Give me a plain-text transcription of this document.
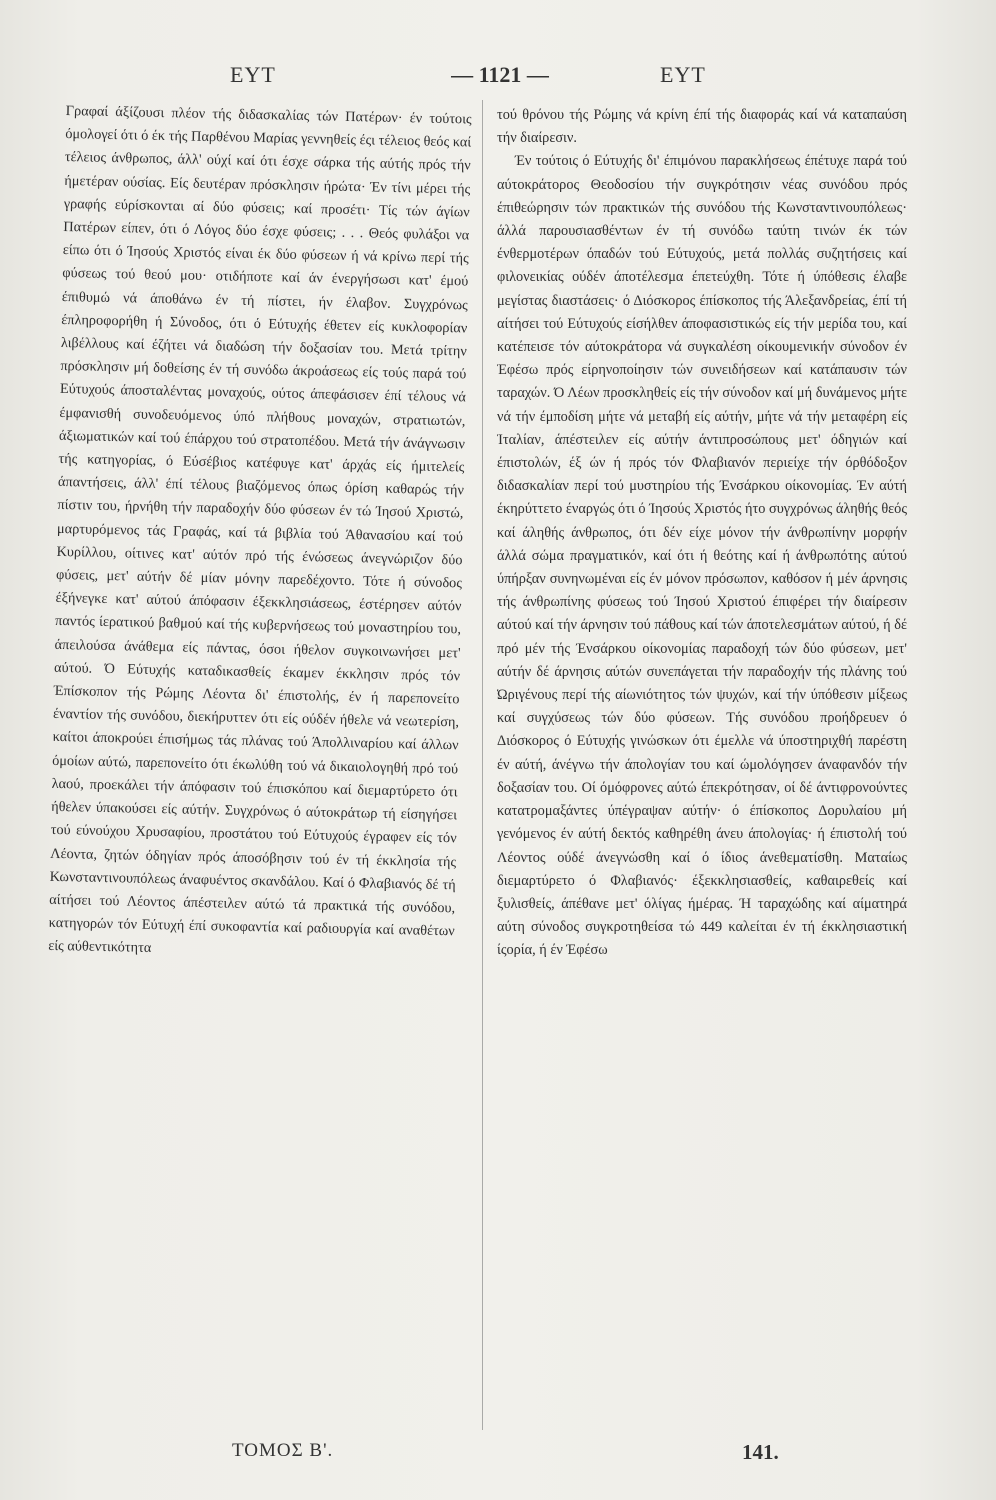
ΕΥΤ	— 1121 —	ΕΥΤ

Γραφαί άξίζουσι πλέον τής διδασκαλίας τών Πατέρων· έν τούτοις όμολογεί ότι ό έκ τής Παρθένου Μαρίας γεννηθείς έςι τέλειος θεός καί τέλειος άνθρωπος, άλλ' ούχί καί ότι έσχε σάρκα τής αύτής πρός τήν ήμετέραν ούσίας. Είς δευτέραν πρόσκλησιν ήρώτα· Έν τίνι μέρει τής γραφής εύρίσκονται αί δύο φύσεις; καί προσέτι· Τίς τών άγίων Πατέρων είπεν, ότι ό Λόγος δύο έσχε φύσεις; . . . Θεός φυλάξοι να είπω ότι ό Ίησούς Χριστός είναι έκ δύο φύσεων ή νά κρίνω περί τής φύσεως τού θεού μου· οτιδήποτε καί άν ένεργήσωσι κατ' έμού έπιθυμώ νά άποθάνω έν τή πίστει, ήν έλαβον. Συγχρόνως έπληροφορήθη ή Σύνοδος, ότι ό Εύτυχής έθετεν είς κυκλοφορίαν λιβέλλους καί έζήτει νά διαδώση τήν δοξασίαν του. Μετά τρίτην πρόσκλησιν μή δοθείσης έν τή συνόδω άκροάσεως είς τούς παρά τού Εύτυχούς άποσταλέντας μοναχούς, ούτος άπεφάσισεν έπί τέλους νά έμφανισθή συνοδευόμενος ύπό πλήθους μοναχών, στρατιωτών, άξιωματικών καί τού έπάρχου τού στρατοπέδου. Μετά τήν άνάγνωσιν τής κατηγορίας, ό Εύσέβιος κατέφυγε κατ' άρχάς είς ήμιτελείς άπαντήσεις, άλλ' έπί τέλους βιαζόμενος όπως όρίση καθαρώς τήν πίστιν του, ήρνήθη τήν παραδοχήν δύο φύσεων έν τώ Ίησού Χριστώ, μαρτυρόμενος τάς Γραφάς, καί τά βιβλία τού Άθανασίου καί τού Κυρίλλου, οίτινες κατ' αύτόν πρό τής ένώσεως άνεγνώριζον δύο φύσεις, μετ' αύτήν δέ μίαν μόνην παρεδέχοντο. Τότε ή σύνοδος έξήνεγκε κατ' αύτού άπόφασιν έξεκκλησιάσεως, έστέρησεν αύτόν παντός ίερατικού βαθμού καί τής κυβερνήσεως τού μοναστηρίου του, άπειλούσα άνάθεμα είς πάντας, όσοι ήθελον συγκοινωνήσει μετ' αύτού. Ό Εύτυχής καταδικασθείς έκαμεν έκκλησιν πρός τόν Έπίσκοπον τής Ρώμης Λέοντα δι' έπιστολής, έν ή παρεπονείτο έναντίον τής συνόδου, διεκήρυττεν ότι είς ούδέν ήθελε νά νεωτερίση, καίτοι άποκρούει έπισήμως τάς πλάνας τού Άπολλιναρίου καί άλλων όμοίων αύτώ, παρεπονείτο ότι έκωλύθη τού νά δικαιολογηθή πρό τού λαού, προεκάλει τήν άπόφασιν τού έπισκόπου καί διεμαρτύρετο ότι ήθελεν ύπακούσει είς αύτήν. Συγχρόνως ό αύτοκράτωρ τή είσηγήσει τού εύνούχου Χρυσαφίου, προστάτου τού Εύτυχούς έγραφεν είς τόν Λέοντα, ζητών όδηγίαν πρός άποσόβησιν τού έν τή έκκλησία τής Κωνσταντινουπόλεως άναφυέντος σκανδάλου. Καί ό Φλαβιανός δέ τή αίτήσει τού Λέοντος άπέστειλεν αύτώ τά πρακτικά τής συνόδου, κατηγορών τόν Εύτυχή έπί συκοφαντία καί ραδιουργία καί αναθέτων είς αύθεντικότητα

τού θρόνου τής Ρώμης νά κρίνη έπί τής διαφοράς καί νά καταπαύση τήν διαίρεσιν.

Έν τούτοις ό Εύτυχής δι' έπιμόνου παρακλήσεως έπέτυχε παρά τού αύτοκράτορος Θεοδοσίου τήν συγκρότησιν νέας συνόδου πρός έπιθεώρησιν τών πρακτικών τής συνόδου τής Κωνσταντινουπόλεως· άλλά παρουσιασθέντων έν τή συνόδω ταύτη τινών έκ τών ένθερμοτέρων όπαδών τού Εύτυχούς, μετά πολλάς συζητήσεις καί φιλονεικίας ούδέν άποτέλεσμα έπετεύχθη. Τότε ή ύπόθεσις έλαβε μεγίστας διαστάσεις· ό Διόσκορος έπίσκοπος τής Άλεξανδρείας, έπί τή αίτήσει τού Εύτυχούς είσήλθεν άποφασιστικώς είς τήν μερίδα του, καί κατέπεισε τόν αύτοκράτορα νά συγκαλέση οίκουμενικήν σύνοδον έν Έφέσω πρός είρηνοποίησιν τών συνειδήσεων καί κατάπαυσιν τών ταραχών. Ό Λέων προσκληθείς είς τήν σύνοδον καί μή δυνάμενος μήτε νά τήν έμποδίση μήτε νά μεταβή είς αύτήν, μήτε νά τήν μεταφέρη είς Ίταλίαν, άπέστειλεν είς αύτήν άντιπροσώπους μετ' όδηγιών καί έπιστολών, έξ ών ή πρός τόν Φλαβιανόν περιείχε τήν όρθόδοξον διδασκαλίαν περί τού μυστηρίου τής Ένσάρκου οίκονομίας. Έν αύτή έκηρύττετο έναργώς ότι ό Ίησούς Χριστός ήτο συγχρόνως άληθής θεός καί άληθής άνθρωπος, ότι δέν είχε μόνον τήν άνθρωπίνην μορφήν άλλά σώμα πραγματικόν, καί ότι ή θεότης καί ή άνθρωπότης αύτού ύπήρξαν συνηνωμέναι είς έν μόνον πρόσωπον, καθόσον ή μέν άρνησις τής άνθρωπίνης φύσεως τού Ίησού Χριστού έπιφέρει τήν διαίρεσιν αύτού καί τήν άρνησιν τού πάθους καί τών άποτελεσμάτων αύτού, ή δέ πρό μέν τής Ένσάρκου οίκονομίας παραδοχή τών δύο φύσεων, μετ' αύτήν δέ άρνησις αύτών συνεπάγεται τήν παραδοχήν τής πλάνης τού Ώριγένους περί τής αίωνιότητος τών ψυχών, καί τήν ύπόθεσιν μίξεως καί συγχύσεως τών δύο φύσεων. Τής συνόδου προήδρευεν ό Διόσκορος ό Εύτυχής γινώσκων ότι έμελλε νά ύποστηριχθή παρέστη έν αύτή, άνέγνω τήν άπολογίαν του καί ώμολόγησεν άναφανδόν τήν δοξασίαν του. Οί όμόφρονες αύτώ έπεκρότησαν, οί δέ άντιφρονούντες κατατρομαξάντες ύπέγραψαν αύτήν· ό έπίσκοπος Δορυλαίου μή γενόμενος έν αύτή δεκτός καθηρέθη άνευ άπολογίας· ή έπιστολή τού Λέοντος ούδέ άνεγνώσθη καί ό ίδιος άνεθεματίσθη. Ματαίως διεμαρτύρετο ό Φλαβιανός· έξεκκλησιασθείς, καθαιρεθείς καί ξυλισθείς, άπέθανε μετ' όλίγας ήμέρας. Ή ταραχώδης καί αίματηρά αύτη σύνοδος συγκροτηθείσα τώ 449 καλείται έν τή έκκλησιαστική ίςορία, ή έν Έφέσω

ΤΟΜΟΣ Β'.	141.
